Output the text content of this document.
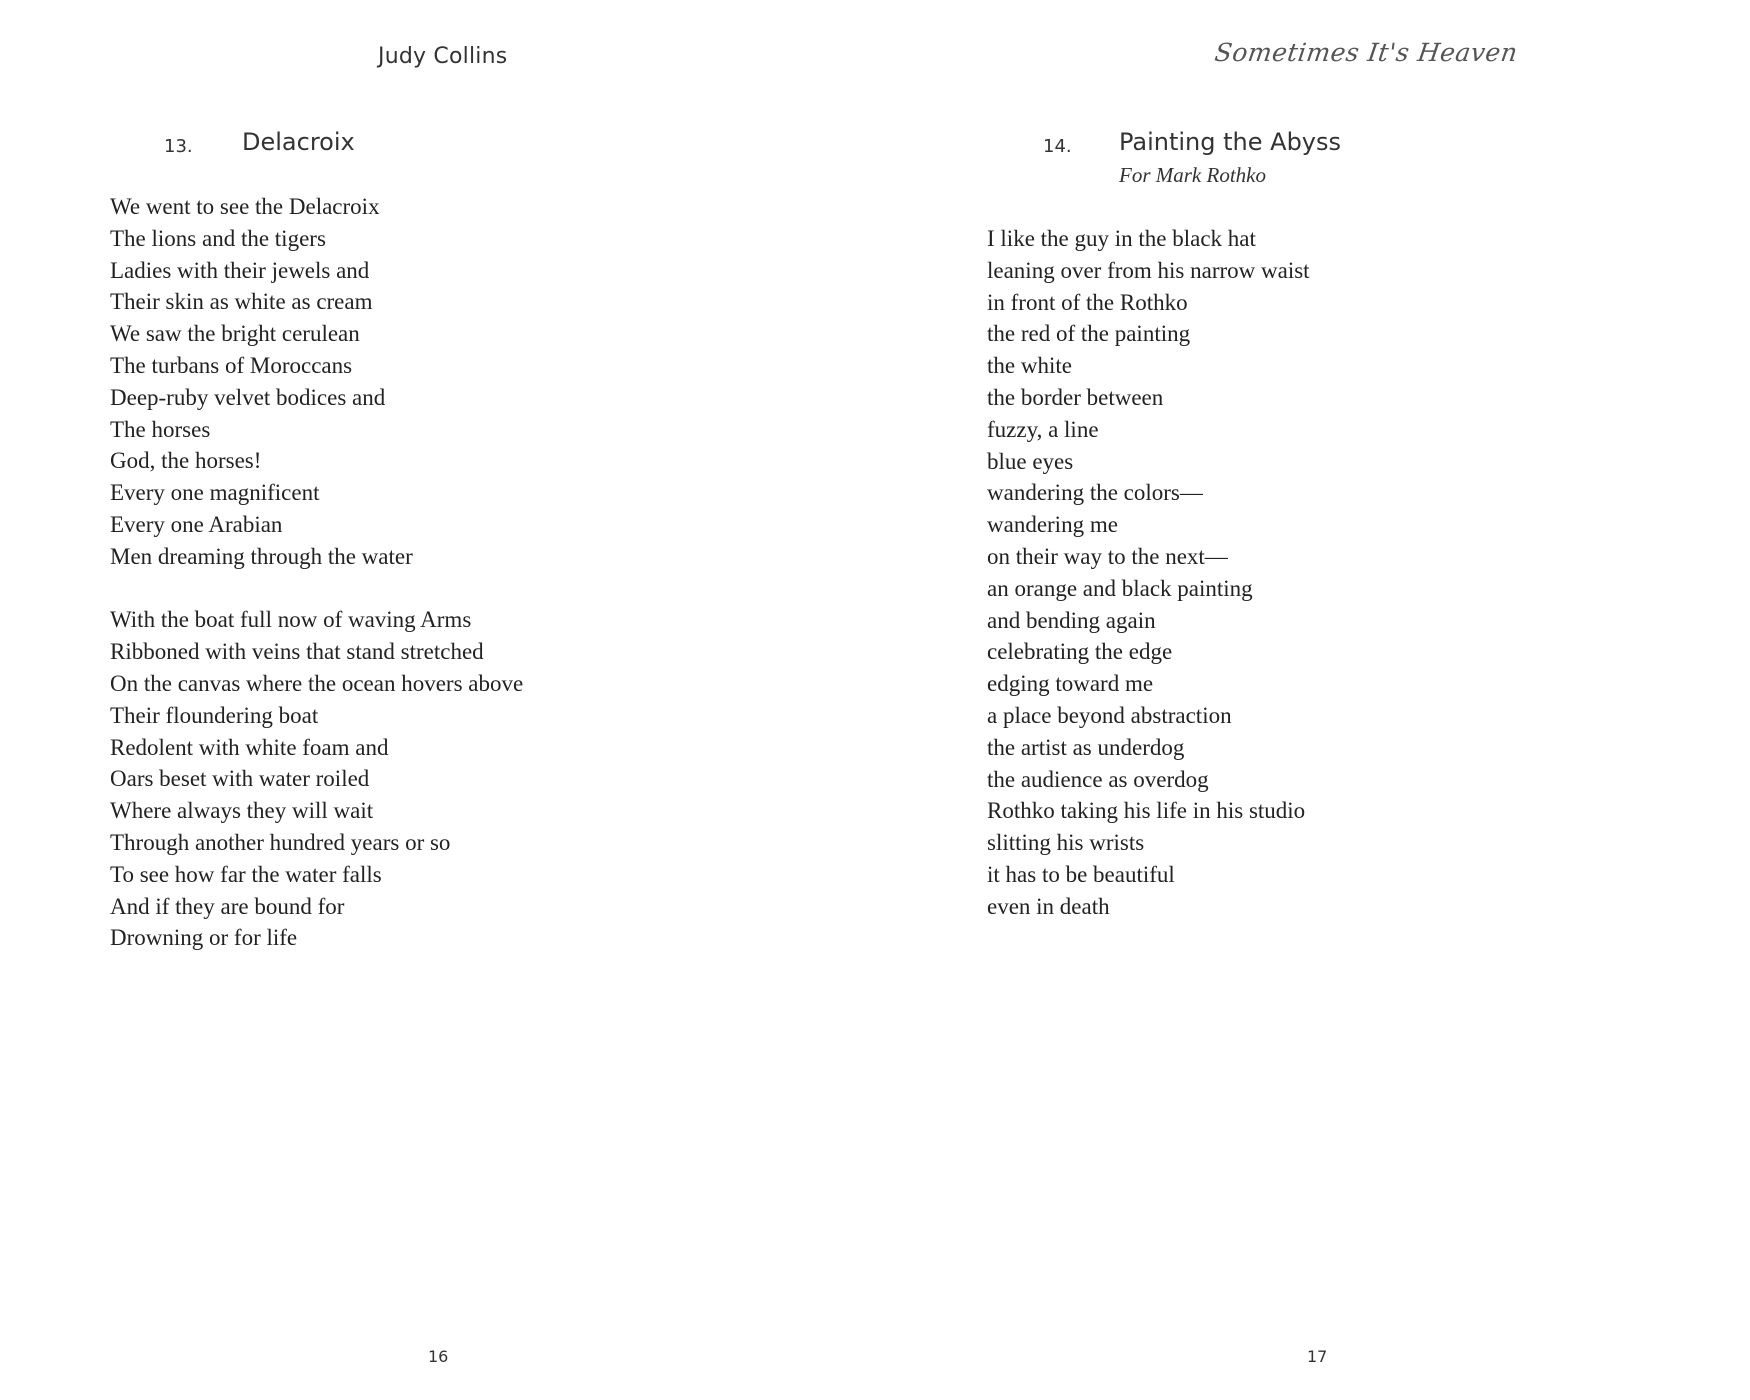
Judy Collins
13. Delacroix
We went to see the Delacroix
The lions and the tigers
Ladies with their jewels and
Their skin as white as cream
We saw the bright cerulean
The turbans of Moroccans
Deep-ruby velvet bodices and
The horses
God, the horses!
Every one magnificent
Every one Arabian
Men dreaming through the water
With the boat full now of waving Arms
Ribboned with veins that stand stretched
On the canvas where the ocean hovers above
Their floundering boat
Redolent with white foam and
Oars beset with water roiled
Where always they will wait
Through another hundred years or so
To see how far the water falls
And if they are bound for
Drowning or for life
16
Sometimes It's Heaven
14. Painting the Abyss
For Mark Rothko
I like the guy in the black hat
leaning over from his narrow waist
in front of the Rothko
the red of the painting
the white
the border between
fuzzy, a line
blue eyes
wandering the colors—
wandering me
on their way to the next—
an orange and black painting
and bending again
celebrating the edge
edging toward me
a place beyond abstraction
the artist as underdog
the audience as overdog
Rothko taking his life in his studio
slitting his wrists
it has to be beautiful
even in death
17
